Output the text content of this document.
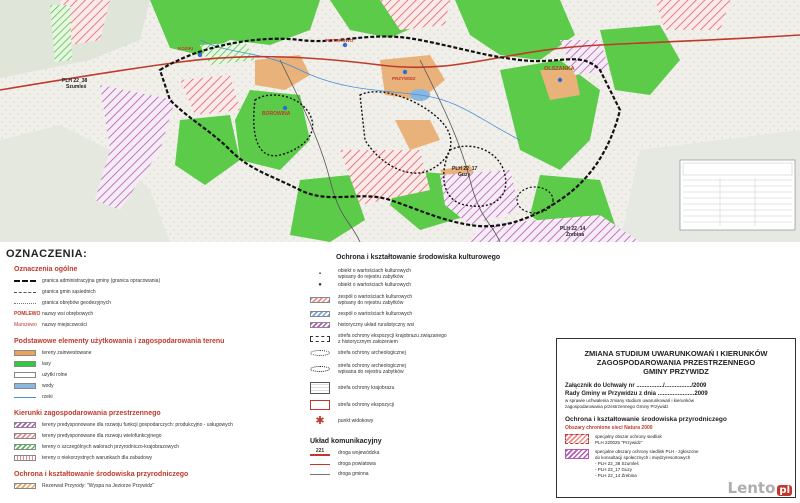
PLH 22_38 Szumleś
PLH 22_17 Guzy
PLH 22_14 Żrebina
OLSZANKA
BOROWINA
PIOTRKOWO
PRZYWIDZ
KOZIKI
OZNACZENIA:
Oznaczenia ogólne
granica administracyjna gminy (granica opracowania)
granica gmin sąsiednich
granica obrębów geodezyjnych
POMLEWO nazwy wsi obrębowych
Marszewo nazwy miejscowości
Podstawowe elementy użytkowania i zagospodarowania terenu
tereny zainwestowane
lasy
użytki rolne
wody
rzeki
Kierunki zagospodarowania przestrzennego
tereny predysponowane dla rozwoju funkcji gospodarczych: produkcyjno - usługowych
tereny predysponowane dla rozwoju wielofunkcyjnego
tereny o szczególnych walorach przyrodniczo-krajobrazowych
tereny o niekorzystnych warunkach dla zabudowy
Ochrona i kształtowanie środowiska przyrodniczego
Rezerwat Przyrody: "Wyspa na Jeziorze Przywidz"
Ochrona i kształtowanie środowiska kulturowego
▪	obiekt o wartościach kulturowych
wpisany do rejestru zabytków
●	obiekt o wartościach kulturowych
zespół o wartościach kulturowych
wpisany do rejestru zabytków
zespół o wartościach kulturowych
historyczny układ ruralistyczny wsi
strefa ochrony ekspozycji krajobrazu związanego
z historycznym założeniem
strefa ochrony archeologicznej
strefa ochrony archeologicznej
wpisana do rejestru zabytków
strefa ochrony krajobrazu
strefa ochrony ekspozycji
✱	punkt widokowy
Układ komunikacyjny
221	droga wojewódzka
droga powiatowa
droga gminna
ZMIANA STUDIUM UWARUNKOWAŃ I KIERUNKÓW
ZAGOSPODAROWANIA PRZESTRZENNEGO
GMINY PRZYWIDZ
Załącznik do Uchwały nr ................/................/2009
Rady Gminy w Przywidzu z dnia ......................2009
w sprawie uchwalenia zmiany studium uwarunkowań i kierunków
zagospodarowania przestrzennego Gminy Przywidz
Ochrona i kształtowanie środowiska przyrodniczego
Obszary chronione sieci Natura 2000
specjalny obszar ochrony siedlisk
PLH 220025 "Przywidz"
specjalne obszary ochrony siedlisk PLH - zgłoszone
do konsultacji społecznych i międzyresortowych
- PLH 22_38 Szumleś
- PLH 22_17 Guzy
- PLH 22_14 Żrebina
Lento pl
